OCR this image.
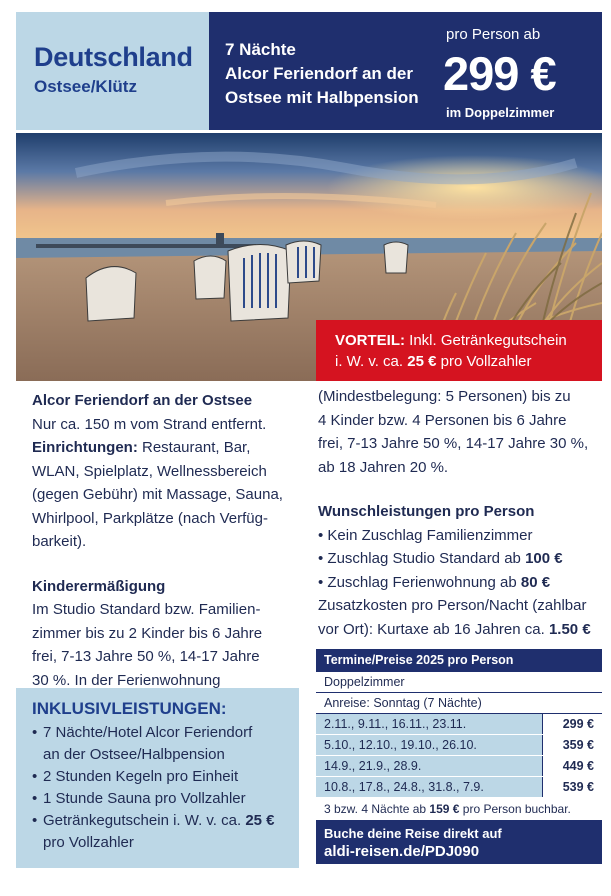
Deutschland
Ostsee/Klütz
7 Nächte
Alcor Feriendorf an der
Ostsee mit Halbpension
pro Person ab
299 €
im Doppelzimmer
VORTEIL: Inkl. Getränkegutschein
i. W. v. ca. 25 € pro Vollzahler
Alcor Feriendorf an der Ostsee
Nur ca. 150 m vom Strand entfernt.
Einrichtungen: Restaurant, Bar,
WLAN, Spielplatz, Wellnessbereich
(gegen Gebühr) mit Massage, Sauna,
Whirlpool, Parkplätze (nach Verfüg-
barkeit).
Kinderermäßigung
Im Studio Standard bzw. Familien-
zimmer bis zu 2 Kinder bis 6 Jahre
frei, 7-13 Jahre 50 %, 14-17 Jahre
30 %. In der Ferienwohnung
(Mindestbelegung: 5 Personen) bis zu
4 Kinder bzw. 4 Personen bis 6 Jahre
frei, 7-13 Jahre 50 %, 14-17 Jahre 30 %,
ab 18 Jahren 20 %.
Wunschleistungen pro Person
• Kein Zuschlag Familienzimmer
• Zuschlag Studio Standard ab 100 €
• Zuschlag Ferienwohnung ab 80 €
Zusatzkosten pro Person/Nacht (zahlbar
vor Ort): Kurtaxe ab 16 Jahren ca. 1.50 €
INKLUSIVLEISTUNGEN:
• 7 Nächte/Hotel Alcor Feriendorf
an der Ostsee/Halbpension
• 2 Stunden Kegeln pro Einheit
• 1 Stunde Sauna pro Vollzahler
• Getränkegutschein i. W. v. ca. 25 €
pro Vollzahler
Termine/Preise 2025 pro Person
Doppelzimmer
Anreise: Sonntag (7 Nächte)
2.11., 9.11., 16.11., 23.11.	299 €
5.10., 12.10., 19.10., 26.10.	359 €
14.9., 21.9., 28.9.	449 €
10.8., 17.8., 24.8., 31.8., 7.9.	539 €
3 bzw. 4 Nächte ab 159 € pro Person buchbar.
Buche deine Reise direkt auf
aldi-reisen.de/PDJ090
